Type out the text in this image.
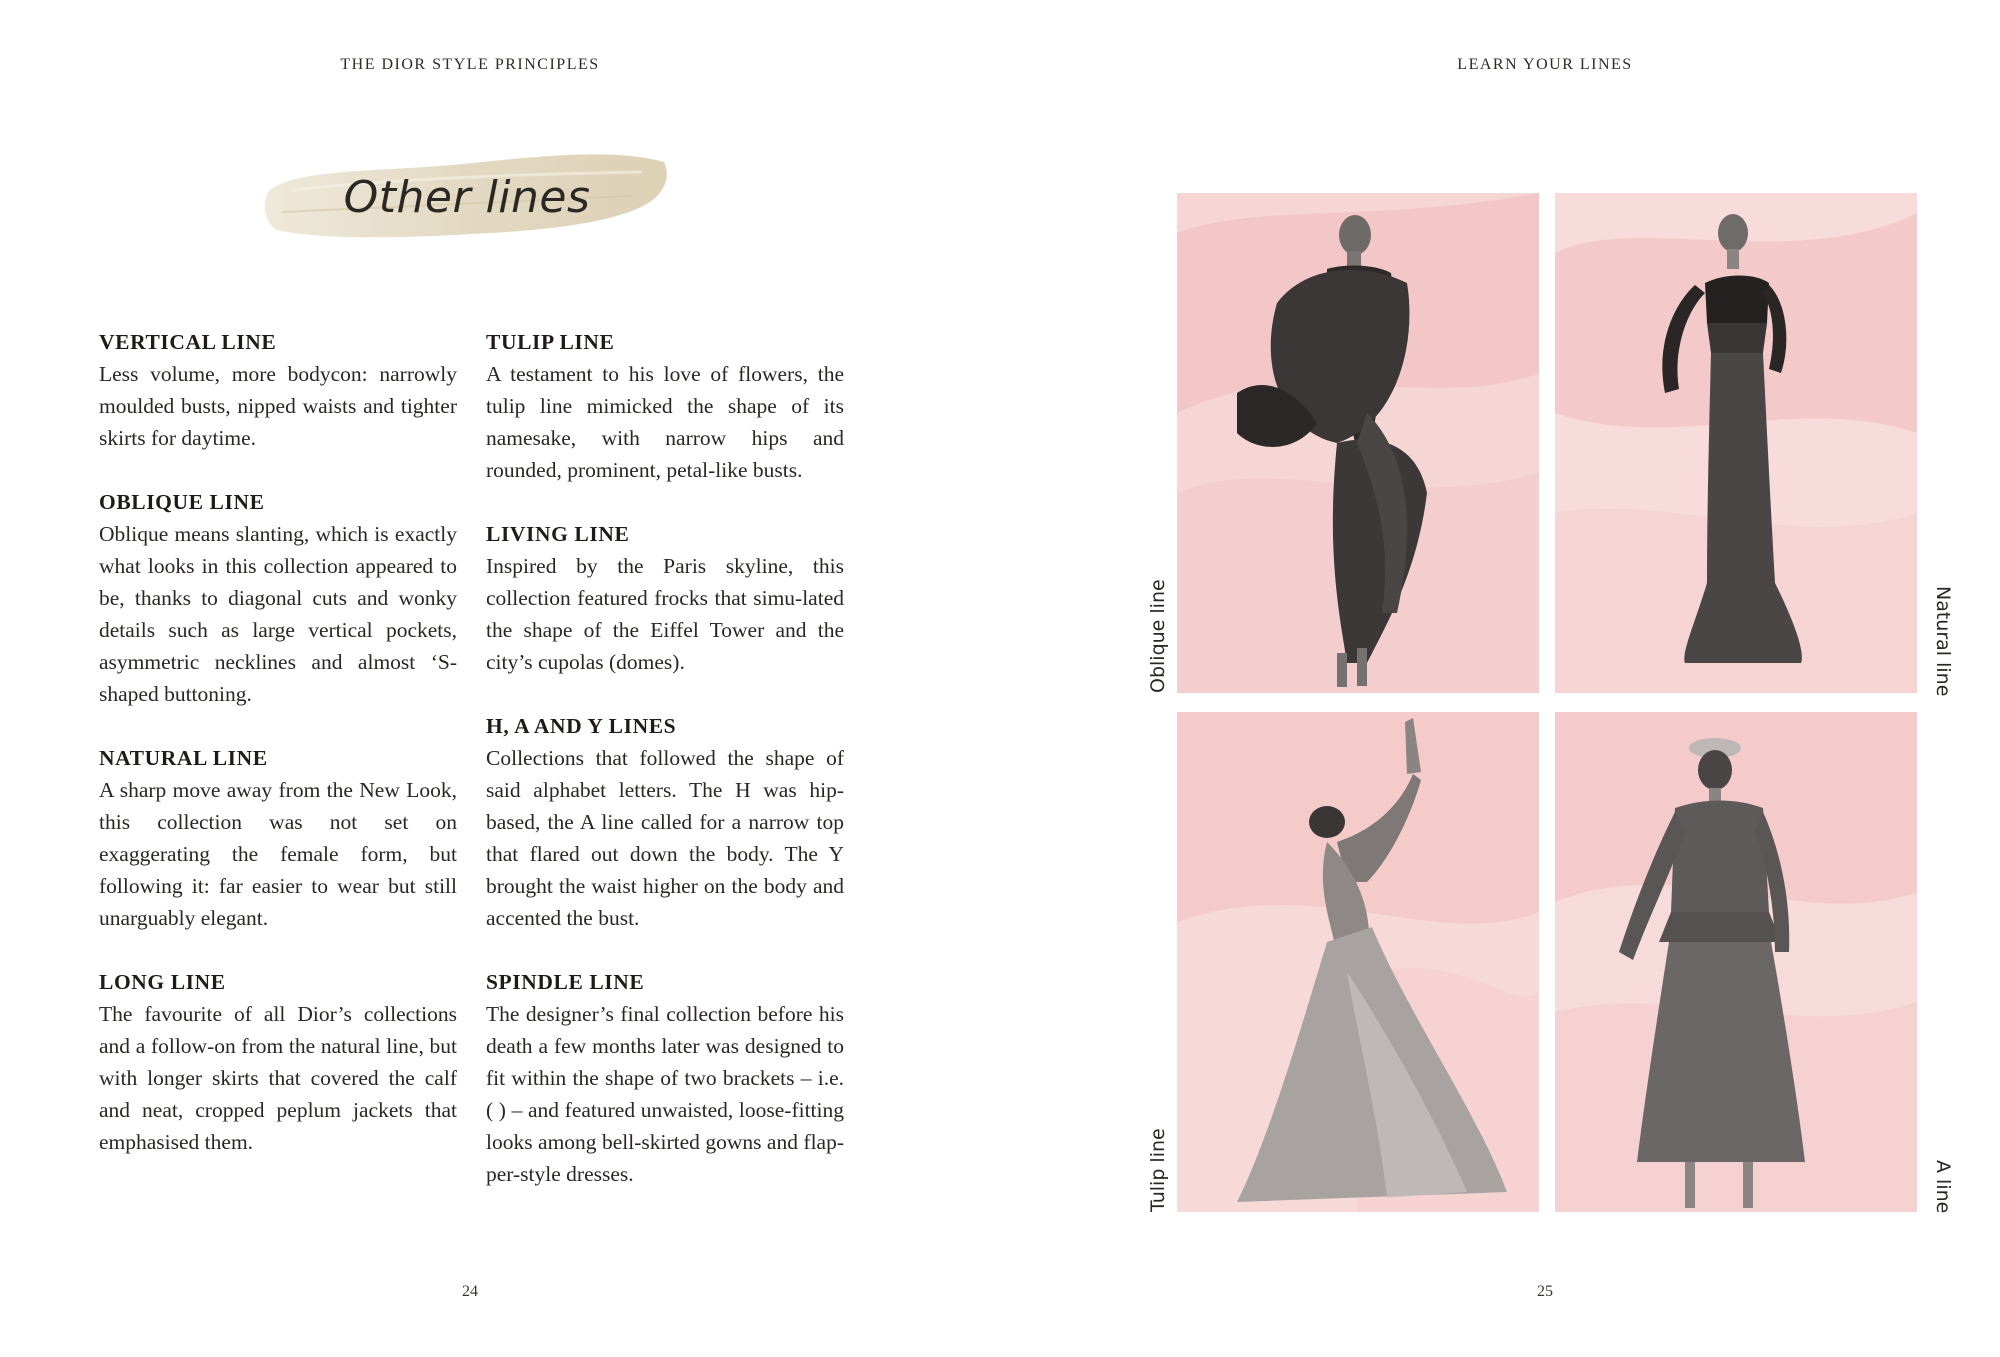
THE DIOR STYLE PRINCIPLES
Other lines

VERTICAL LINE

Less volume, more bodycon: narrowly moulded busts, nipped waists and tighter skirts for daytime.

OBLIQUE LINE

Oblique means slanting, which is exactly what looks in this collection appeared to be, thanks to diagonal cuts and wonky details such as large vertical pockets, asymmetric necklines and almost ‘S-shaped buttoning.

NATURAL LINE

A sharp move away from the New Look, this collection was not set on exaggerating the female form, but following it: far easier to wear but still unarguably elegant.

LONG LINE

The favourite of all Dior’s collections and a follow-on from the natural line, but with longer skirts that covered the calf and neat, cropped peplum jackets that emphasised them.

TULIP LINE

A testament to his love of flowers, the tulip line mimicked the shape of its namesake, with narrow hips and rounded, prominent, petal-like busts.

LIVING LINE

Inspired by the Paris skyline, this collection featured frocks that simu-lated the shape of the Eiffel Tower and the city’s cupolas (domes).

H, A AND Y LINES

Collections that followed the shape of said alphabet letters. The H was hip-based, the A line called for a narrow top that flared out down the body. The Y brought the waist higher on the body and accented the bust.

SPINDLE LINE

The designer’s final collection before his death a few months later was designed to fit within the shape of two brackets – i.e. ( ) – and featured unwaisted, loose-fitting looks among bell-skirted gowns and flap-per-style dresses.

24
LEARN YOUR LINES
Oblique line
Tulip line
Natural line
A line
25
